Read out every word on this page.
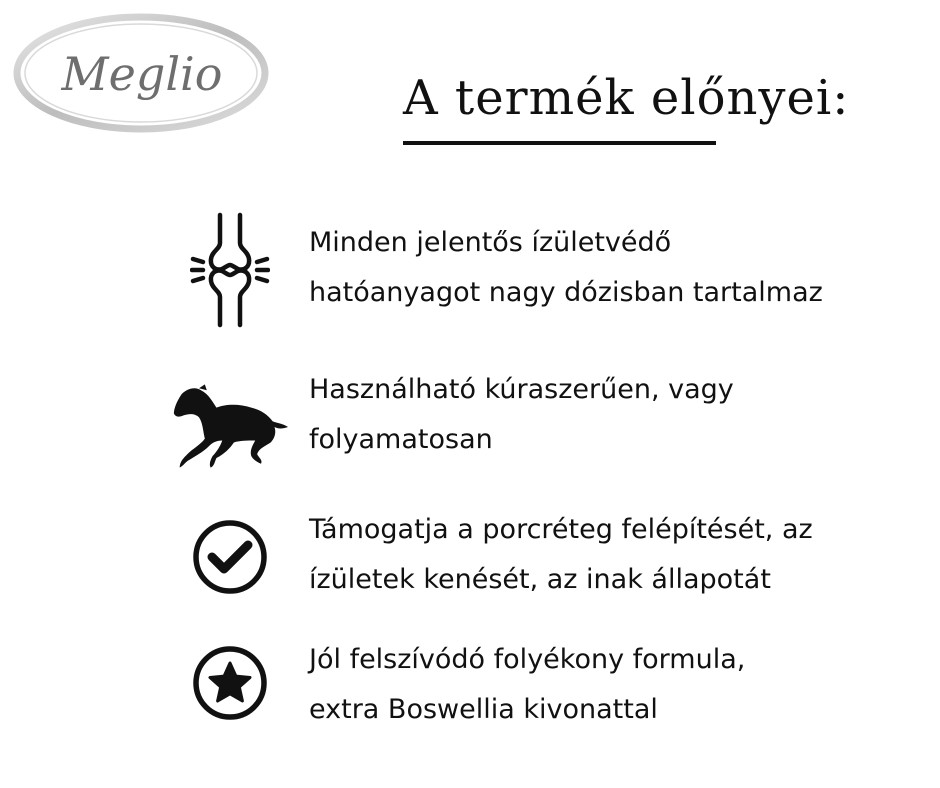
Meglio	A termék előnyei:
Minden jelentős ízületvédő
hatóanyagot nagy dózisban tartalmaz
Használható kúraszerűen, vagy
folyamatosan
Támogatja a porcréteg felépítését, az
ízületek kenését, az inak állapotát
Jól felszívódó folyékony formula,
extra Boswellia kivonattal
